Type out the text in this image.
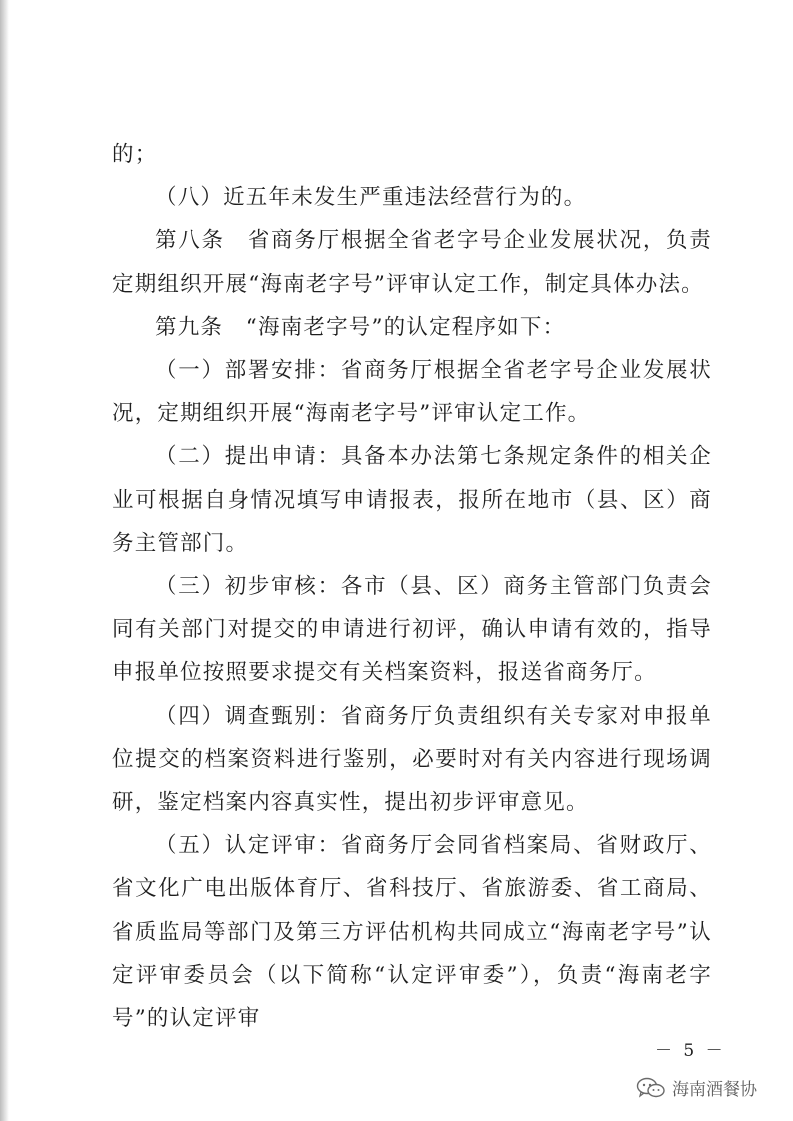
的；

（八）近五年未发生严重违法经营行为的。

第八条　省商务厅根据全省老字号企业发展状况，负责定期组织开展“海南老字号”评审认定工作，制定具体办法。

第九条　“海南老字号”的认定程序如下：

（一）部署安排：省商务厅根据全省老字号企业发展状况，定期组织开展“海南老字号”评审认定工作。

（二）提出申请：具备本办法第七条规定条件的相关企业可根据自身情况填写申请报表，报所在地市（县、区）商务主管部门。

（三）初步审核：各市（县、区）商务主管部门负责会同有关部门对提交的申请进行初评，确认申请有效的，指导申报单位按照要求提交有关档案资料，报送省商务厅。

（四）调查甄别：省商务厅负责组织有关专家对申报单位提交的档案资料进行鉴别，必要时对有关内容进行现场调研，鉴定档案内容真实性，提出初步评审意见。

（五）认定评审：省商务厅会同省档案局、省财政厅、省文化广电出版体育厅、省科技厅、省旅游委、省工商局、省质监局等部门及第三方评估机构共同成立“海南老字号”认定评审委员会（以下简称“认定评审委”），负责“海南老字号”的认定评审

－ 5 －
海南酒餐协
